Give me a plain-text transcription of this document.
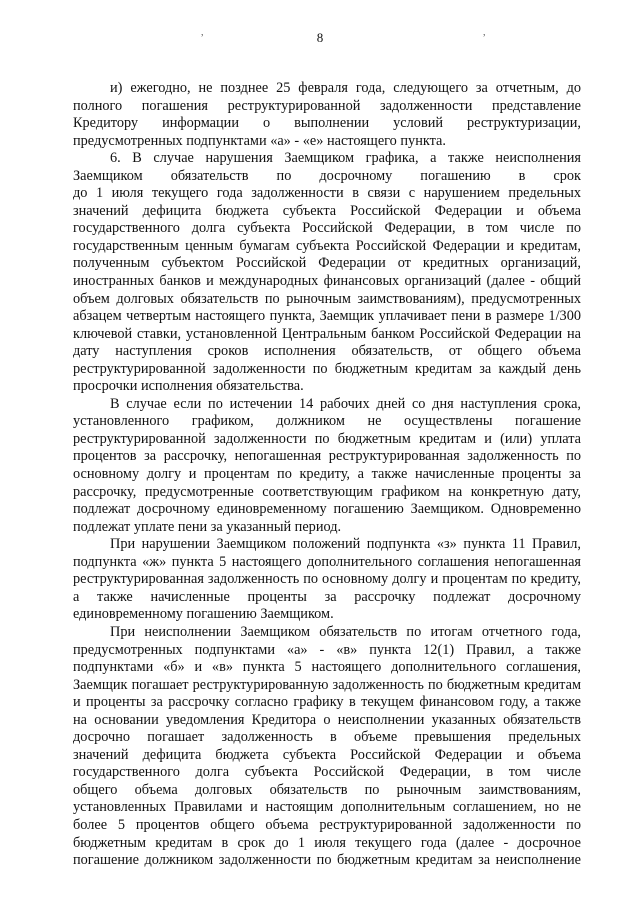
,	,
8

и) ежегодно, не позднее 25 февраля года, следующего за отчетным, до
полного погашения реструктурированной задолженности представление
Кредитору информации о выполнении условий реструктуризации,
предусмотренных подпунктами «а» - «е» настоящего пункта.

6. В случае нарушения Заемщиком графика, а также неисполнения
Заемщиком обязательств по досрочному погашению в срок
до 1 июля текущего года задолженности в связи с нарушением предельных
значений дефицита бюджета субъекта Российской Федерации и объема
государственного долга субъекта Российской Федерации, в том числе по
государственным ценным бумагам субъекта Российской Федерации и кредитам,
полученным субъектом Российской Федерации от кредитных организаций,
иностранных банков и международных финансовых организаций (далее - общий
объем долговых обязательств по рыночным заимствованиям), предусмотренных
абзацем четвертым настоящего пункта, Заемщик уплачивает пени в размере 1/300
ключевой ставки, установленной Центральным банком Российской Федерации на
дату наступления сроков исполнения обязательств, от общего объема
реструктурированной задолженности по бюджетным кредитам за каждый день
просрочки исполнения обязательства.

В случае если по истечении 14 рабочих дней со дня наступления срока,
установленного графиком, должником не осуществлены погашение
реструктурированной задолженности по бюджетным кредитам и (или) уплата
процентов за рассрочку, непогашенная реструктурированная задолженность по
основному долгу и процентам по кредиту, а также начисленные проценты за
рассрочку, предусмотренные соответствующим графиком на конкретную дату,
подлежат досрочному единовременному погашению Заемщиком. Одновременно
подлежат уплате пени за указанный период.

При нарушении Заемщиком положений подпункта «з» пункта 11 Правил,
подпункта «ж» пункта 5 настоящего дополнительного соглашения непогашенная
реструктурированная задолженность по основному долгу и процентам по кредиту,
а также начисленные проценты за рассрочку подлежат досрочному
единовременному погашению Заемщиком.

При неисполнении Заемщиком обязательств по итогам отчетного года,
предусмотренных подпунктами «а» - «в» пункта 12(1) Правил, а также
подпунктами «б» и «в» пункта 5 настоящего дополнительного соглашения,
Заемщик погашает реструктурированную задолженность по бюджетным кредитам
и проценты за рассрочку согласно графику в текущем финансовом году, а также
на основании уведомления Кредитора о неисполнении указанных обязательств
досрочно погашает задолженность в объеме превышения предельных
значений дефицита бюджета субъекта Российской Федерации и объема
государственного долга субъекта Российской Федерации, в том числе
общего объема долговых обязательств по рыночным заимствованиям,
установленных Правилами и настоящим дополнительным соглашением, но не
более 5 процентов общего объема реструктурированной задолженности по
бюджетным кредитам в срок до 1 июля текущего года (далее - досрочное
погашение должником задолженности по бюджетным кредитам за неисполнение
